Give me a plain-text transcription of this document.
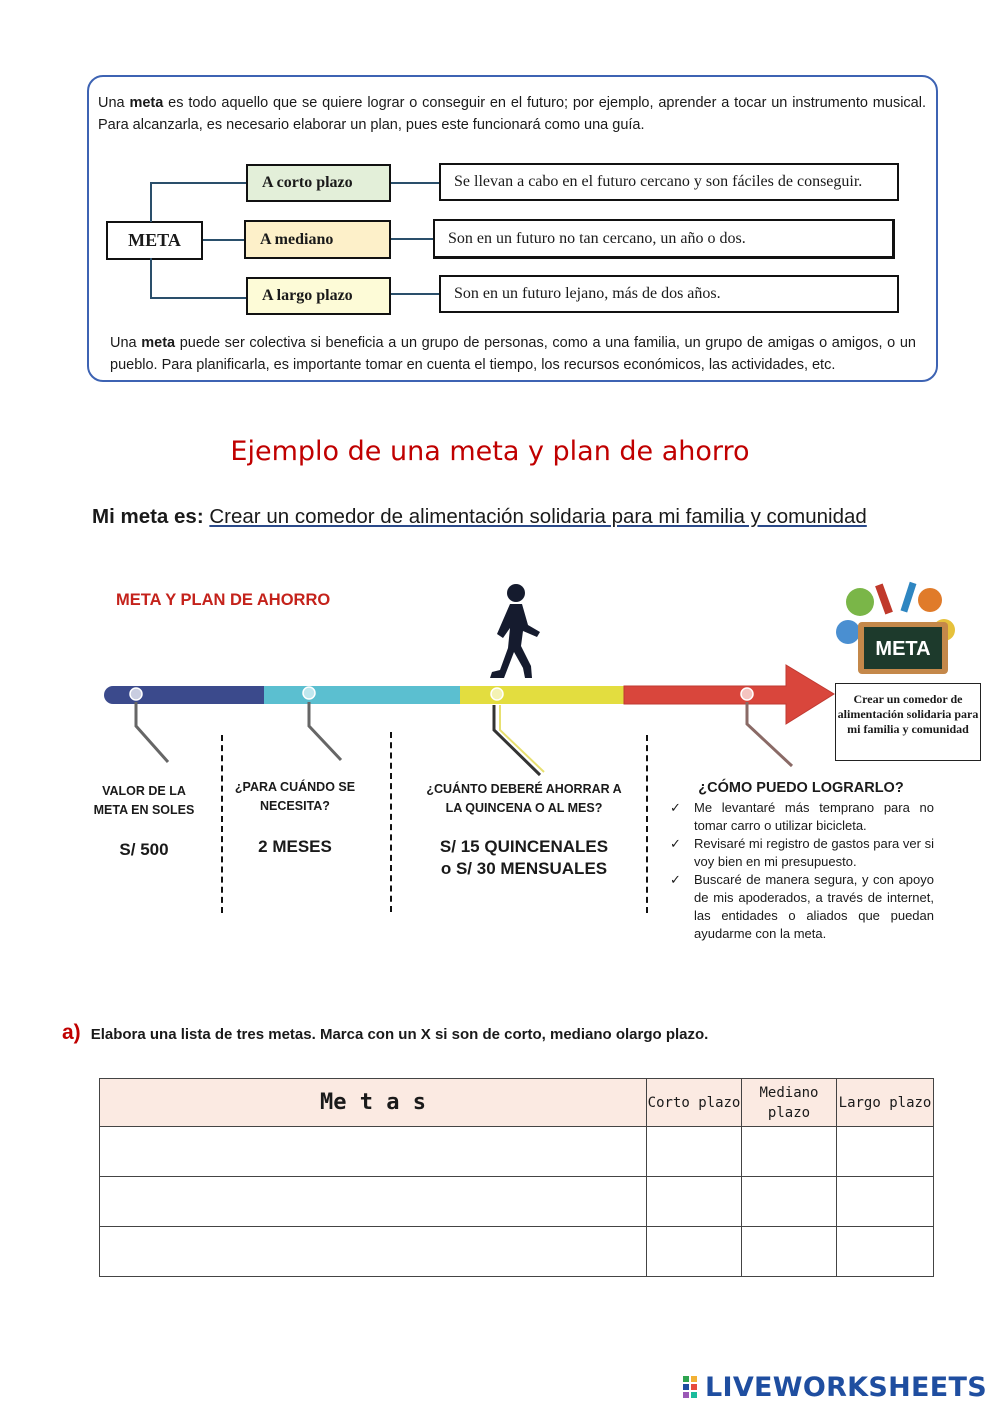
Una meta es todo aquello que se quiere lograr o conseguir en el futuro; por ejemplo, aprender a tocar un instrumento musical. Para alcanzarla, es necesario elaborar un plan, pues este funcionará como una guía.
META
A corto plazo
A mediano
A largo plazo
Se llevan a cabo en el futuro cercano y son fáciles de conseguir.
Son en un futuro no tan cercano, un año o dos.
Son en un futuro lejano, más de dos años.
Una meta puede ser colectiva si beneficia a un grupo de personas, como a una familia, un grupo de amigas o amigos, o un pueblo. Para planificarla, es importante tomar en cuenta el tiempo, los recursos económicos, las actividades, etc.
Ejemplo de una meta y plan de ahorro
Mi meta es: Crear un comedor de alimentación solidaria para mi familia y comunidad
META Y PLAN DE AHORRO
META
Crear un comedor de alimentación solidaria para mi familia y comunidad
VALOR DE LA META EN SOLES
S/ 500
¿PARA CUÁNDO SE NECESITA?
2 MESES
¿CUÁNTO DEBERÉ AHORRAR A LA QUINCENA O AL MES?
S/ 15 QUINCENALES
o S/ 30 MENSUALES
¿CÓMO PUEDO LOGRARLO?
✓	Me levantaré más temprano para no tomar carro o utilizar bicicleta.
✓	Revisaré mi registro de gastos para ver si voy bien en mi presupuesto.
✓	Buscaré de manera segura, y con apoyo de mis apoderados, a través de internet, las entidades o aliados que puedan ayudarme con la meta.
a) Elabora una lista de tres metas. Marca con un X si son de corto, mediano olargo plazo.
Me t a s	Corto plazo	Mediano plazo	Largo plazo

LIVEWORKSHEETS
